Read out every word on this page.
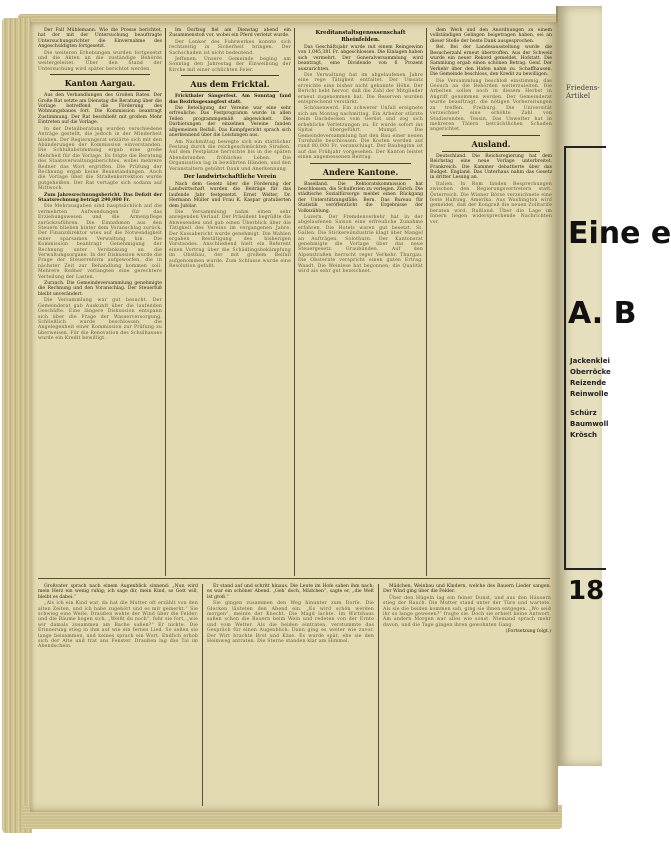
Friedens-Artikel
Eine e
A. B
Jackenklei
Oberröcke
Reizende
Reinwolle
Schürz
Baumwoll
Krösch
18

Der Fall Mühlemann. Wie die Presse berichtet, hat der mit der Untersuchung beauftragte Untersuchungsrichter die Einvernahme des Angeschuldigten fortgesetzt.

Die weiteren Erhebungen wurden fortgesetzt und die Akten an die zuständige Behörde weitergeleitet. Über den Stand der Untersuchung wird später berichtet werden.

Kanton Aargau.

Aus den Verhandlungen des Großen Rates. Der Große Rat setzte am Dienstag die Beratung über die Vorlage betreffend die Förderung des Wohnungsbaues fort. Die Kommission beantragt Zustimmung. Der Rat beschließt mit großem Mehr Eintreten auf die Vorlage.

In der Detailberatung wurden verschiedene Anträge gestellt, die jedoch in der Minderheit blieben. Der Regierungsrat erklärte sich mit den Abänderungen der Kommission einverstanden. Die Schlußabstimmung ergab eine große Mehrheit für die Vorlage. Es folgte die Beratung des Staatsverwaltungsberichtes, wobei mehrere Redner das Wort ergriffen. Die Prüfung der Rechnung ergab keine Beanstandungen. Auch die Vorlage über die Straßenkorrektion wurde gutgeheißen. Der Rat vertagte sich sodann auf Mittwoch.

Zum Jahresrechnungsbericht. Das Defizit der Staatsrechnung beträgt 290,000 Fr.

Die Mehrausgaben sind hauptsächlich auf die vermehrten Aufwendungen für das Erziehungswesen und die Armenpflege zurückzuführen. Die Einnahmen aus den Steuern blieben hinter dem Voranschlag zurück. Der Finanzdirektor wies auf die Notwendigkeit einer sparsamen Verwaltung hin. Die Kommission beantragt Genehmigung der Rechnung unter Verdankung an die Verwaltungsorgane. In der Diskussion wurde die Frage der Steuerreform aufgeworfen, die in nächster Zeit zur Behandlung kommen soll. Mehrere Redner verlangten eine gerechtere Verteilung der Lasten.

Zurzach. Die Gemeindeversammlung genehmigte die Rechnung und den Voranschlag. Der Steuerfuß bleibt unverändert.

Die Versammlung war gut besucht. Der Gemeinderat gab Auskunft über die laufenden Geschäfte. Eine längere Diskussion entspann sich über die Frage der Wasserversorgung. Schließlich wurde beschlossen, die Angelegenheit einer Kommission zur Prüfung zu überweisen. Für die Renovation des Schulhauses wurde ein Kredit bewilligt.

Im Dorfzug fiel am Dienstag abend ein Zusammenstoß vor, wobei ein Pferd verletzt wurde.

Der Lenker des Fuhrwerkes konnte sich rechtzeitig in Sicherheit bringen. Der Sachschaden ist nicht bedeutend.

Jeffenen. Unsere Gemeinde beging am Sonntag den Jahrestag der Einweihung der Kirche mit einer schlichten Feier.

Aus dem Fricktal.

Frickthaler Sängerfest. Am Sonntag fand das Bezirksgesangfest statt.

Die Beteiligung der Vereine war eine sehr erfreuliche. Das Festprogramm wurde in allen Teilen programmgemäß abgewickelt. Die Darbietungen der einzelnen Vereine fanden allgemeinen Beifall. Das Kampfgericht sprach sich anerkennend über die Leistungen aus.

Am Nachmittag bewegte sich ein stattlicher Festzug durch die reichgeschmückten Straßen. Auf dem Festplatze herrschte bis in die späten Abendstunden fröhliches Leben. Die Organisation lag in bewährten Händen, und den Veranstaltern gebührt Dank und Anerkennung.

Der landwirtschaftliche Verein

Nach dem Gesetz über die Förderung der Landwirtschaft wurden die Beiträge für das laufende Jahr festgesetzt. Ernst Welter, Dr. Hermann Müller und Frau K. Kaspar gratulierten dem Jubilar.

Die Versammlung nahm einen sehr anregenden Verlauf. Der Präsident begrüßte die Anwesenden und gab einen Überblick über die Tätigkeit des Vereins im vergangenen Jahre. Der Kassabericht wurde genehmigt. Die Wahlen ergaben Bestätigung des bisherigen Vorstandes. Anschließend hielt ein Referent einen Vortrag über die Schädlingsbekämpfung im Obstbau, der mit großem Beifall aufgenommen wurde. Zum Schlusse wurde eine Resolution gefaßt.

Kreditanstaltsgenossenschaft Rheinfelden.

Das Geschäftsjahr wurde mit einem Reingewinn von 1,045,381 Fr. abgeschlossen. Die Einlagen haben sich vermehrt. Der Generalversammlung wird beantragt, eine Dividende von 6 Prozent auszurichten.

Die Verwaltung hat im abgelaufenen Jahre eine rege Tätigkeit entfaltet. Der Umsatz erreichte eine bisher nicht gekannte Höhe. Der Bericht hebt hervor, daß die Zahl der Mitglieder erneut zugenommen hat. Die Reserven wurden entsprechend verstärkt.

Schönenwerd. Ein schwerer Unfall ereignete sich am Montag nachmittag. Ein Arbeiter stürzte beim Dachdecken vom Gerüst und zog sich erhebliche Verletzungen zu. Er wurde sofort ins Spital übergeführt. Mumpf. Die Gemeindeversammlung hat den Bau einer neuen Turnhalle beschlossen. Die Kosten werden auf rund 80,000 Fr. veranschlagt. Der Baubeginn ist auf das Frühjahr vorgesehen. Der Kanton leistet einen angemessenen Beitrag.

Andere Kantone.

Baselland. Die Rektoratskommission hat beschlossen, die Schulferien zu verlegen. Zürich. Die städtische Sozialfürsorge meldet einen Rückgang der Unterstützungsfälle. Bern. Das Bureau für Statistik veröffentlicht die Ergebnisse der Volkszählung.

Luzern. Der Fremdenverkehr hat in der abgelaufenen Saison eine erfreuliche Zunahme erfahren. Die Hotels waren gut besetzt. St. Gallen. Die Stickereiindustrie klagt über Mangel an Aufträgen. Solothurn. Der Kantonsrat genehmigte die Vorlage über das neue Steuergesetz. Graubünden. Auf den Alpenstraßen herrscht reger Verkehr. Thurgau. Die Obsternte verspricht einen guten Ertrag. Waadt. Die Weinlese hat begonnen; die Qualität wird als sehr gut bezeichnet.

dem Werk und den Anordnungen zu einem vollständigen Gelingen beigetragen haben, sei an dieser Stelle der beste Dank ausgesprochen.

Bel. Bei der Landesausstellung wurde die Besucherzahl erneut übertroffen. Aus der Schweiz wurde ein neuer Rekord gemeldet. Hofstatt. Die Sammlung ergab einen schönen Betrag. Genf. Der Verkehr über den Hafen nahm zu. Schaffhausen. Die Gemeinde beschloss, den Kredit zu bewilligen.

Die Versammlung beschloß einstimmig, das Gesuch an die Behörden weiterzuleiten. Die Arbeiten sollen noch in diesem Herbst in Angriff genommen werden. Der Gemeinderat wurde beauftragt, die nötigen Vorbereitungen zu treffen. Freiburg. Die Universität verzeichnet eine erhöhte Zahl von Studierenden. Tessin. Das Unwetter hat in mehreren Tälern beträchtlichen Schaden angerichtet.

Ausland.

Deutschland. Die Reichsregierung hat dem Reichstag eine neue Vorlage unterbreitet. Frankreich. Die Kammer debattierte über das Budget. England. Das Unterhaus nahm das Gesetz in dritter Lesung an.

Italien. In Rom fanden Besprechungen zwischen den Regierungsvertretern statt. Österreich. Die Wiener Börse verzeichnete eine feste Haltung. Amerika. Aus Washington wird gemeldet, daß der Kongreß die neuen Zolltarife beraten wird. Rußland. Über die Lage im Innern liegen widersprechende Nachrichten vor.

Großvater sprach nach einem Augenblick sinnend: „Nun wird mein Herz ein wenig ruhig; ich sage dir, mein Kind, so Gott will, bleibt es dabei.“

„Als ich ein Kind war, da hat die Mutter oft erzählt von den alten Zeiten, und ich habe zugehört und es mir gemerkt.“ Sie schwieg eine Weile. Draußen wehte der Wind über die Felder, und die Bäume bogen sich. „Weißt du noch“, fuhr sie fort, „wie wir damals zusammen am Bache saßen?“ Er nickte. Die Erinnerung stieg in ihm auf wie ein fernes Lied. So saßen sie lange beisammen, und keines sprach ein Wort. Endlich erhob sich der Alte und trat ans Fenster. Draußen lag das Tal im Abendschein.

Er stand auf und schritt hinaus. Die Leute im Hofe sahen ihm nach; es war ein schöner Abend. „Geh' doch, Mädchen“, sagte er, „die Welt ist groß.“

Sie gingen zusammen den Weg hinunter zum Dorfe. Die Glocken läuteten den Abend ein. „Es wird schön werden morgen“, meinte der Knecht. Die Magd lachte. Im Wirtshaus saßen schon die Bauern beim Wein und redeten von der Ernte und vom Wetter. Als die beiden eintraten, verstummte das Gespräch für einen Augenblick. Dann ging es weiter wie zuvor. Der Wirt brachte Brot und Käse. Es wurde spät, ehe sie den Heimweg antraten. Die Sterne standen klar am Himmel.

Mädchen, Weinbau und Kindern, welche des Bauern Lieder sangen. Der Wind ging über die Felder.

Über den Hügeln lag ein feiner Dunst, und aus den Häusern stieg der Rauch. Die Mutter stand unter der Türe und wartete. Als sie die beiden kommen sah, ging sie ihnen entgegen. „Wo seid ihr so lange gewesen?“ fragte sie. Doch sie erhielt keine Antwort. Am andern Morgen war alles wie sonst. Niemand sprach mehr davon, und die Tage gingen ihren gewohnten Gang.

(Fortsetzung folgt.)
